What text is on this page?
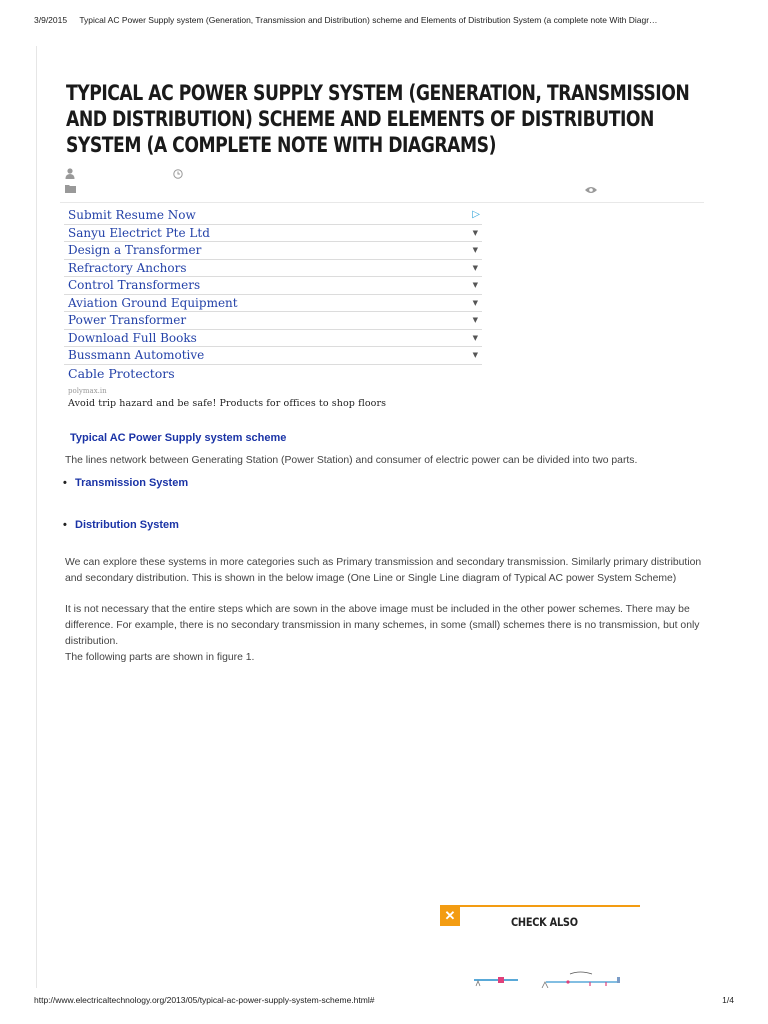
3/9/2015 Typical AC Power Supply system (Generation, Transmission and Distribution) scheme and Elements of Distribution System (a complete note With Diagr…
TYPICAL AC POWER SUPPLY SYSTEM (GENERATION, TRANSMISSION AND DISTRIBUTION) SCHEME AND ELEMENTS OF DISTRIBUTION SYSTEM (A COMPLETE NOTE WITH DIAGRAMS)
Submit Resume Now	▷
Sanyu Electrict Pte Ltd	▼
Design a Transformer	▼
Refractory Anchors	▼
Control Transformers	▼
Aviation Ground Equipment	▼
Power Transformer	▼
Download Full Books	▼
Bussmann Automotive	▼
Cable Protectors
polymax.in
Avoid trip hazard and be safe! Products for offices to shop floors
Typical AC Power Supply system scheme

The lines network between Generating Station (Power Station) and consumer of electric power can be divided into two parts.

• Transmission System
• Distribution System

We can explore these systems in more categories such as Primary transmission and secondary transmission. Similarly primary distribution and secondary distribution. This is shown in the below image (One Line or Single Line diagram of Typical AC power System Scheme)

It is not necessary that the entire steps which are sown in the above image must be included in the other power schemes. There may be difference. For example, there is no secondary transmission in many schemes, in some (small) schemes there is no transmission, but only distribution.

The following parts are shown in figure 1.

✕	CHECK ALSO
http://www.electricaltechnology.org/2013/05/typical-ac-power-supply-system-scheme.html#	1/4
